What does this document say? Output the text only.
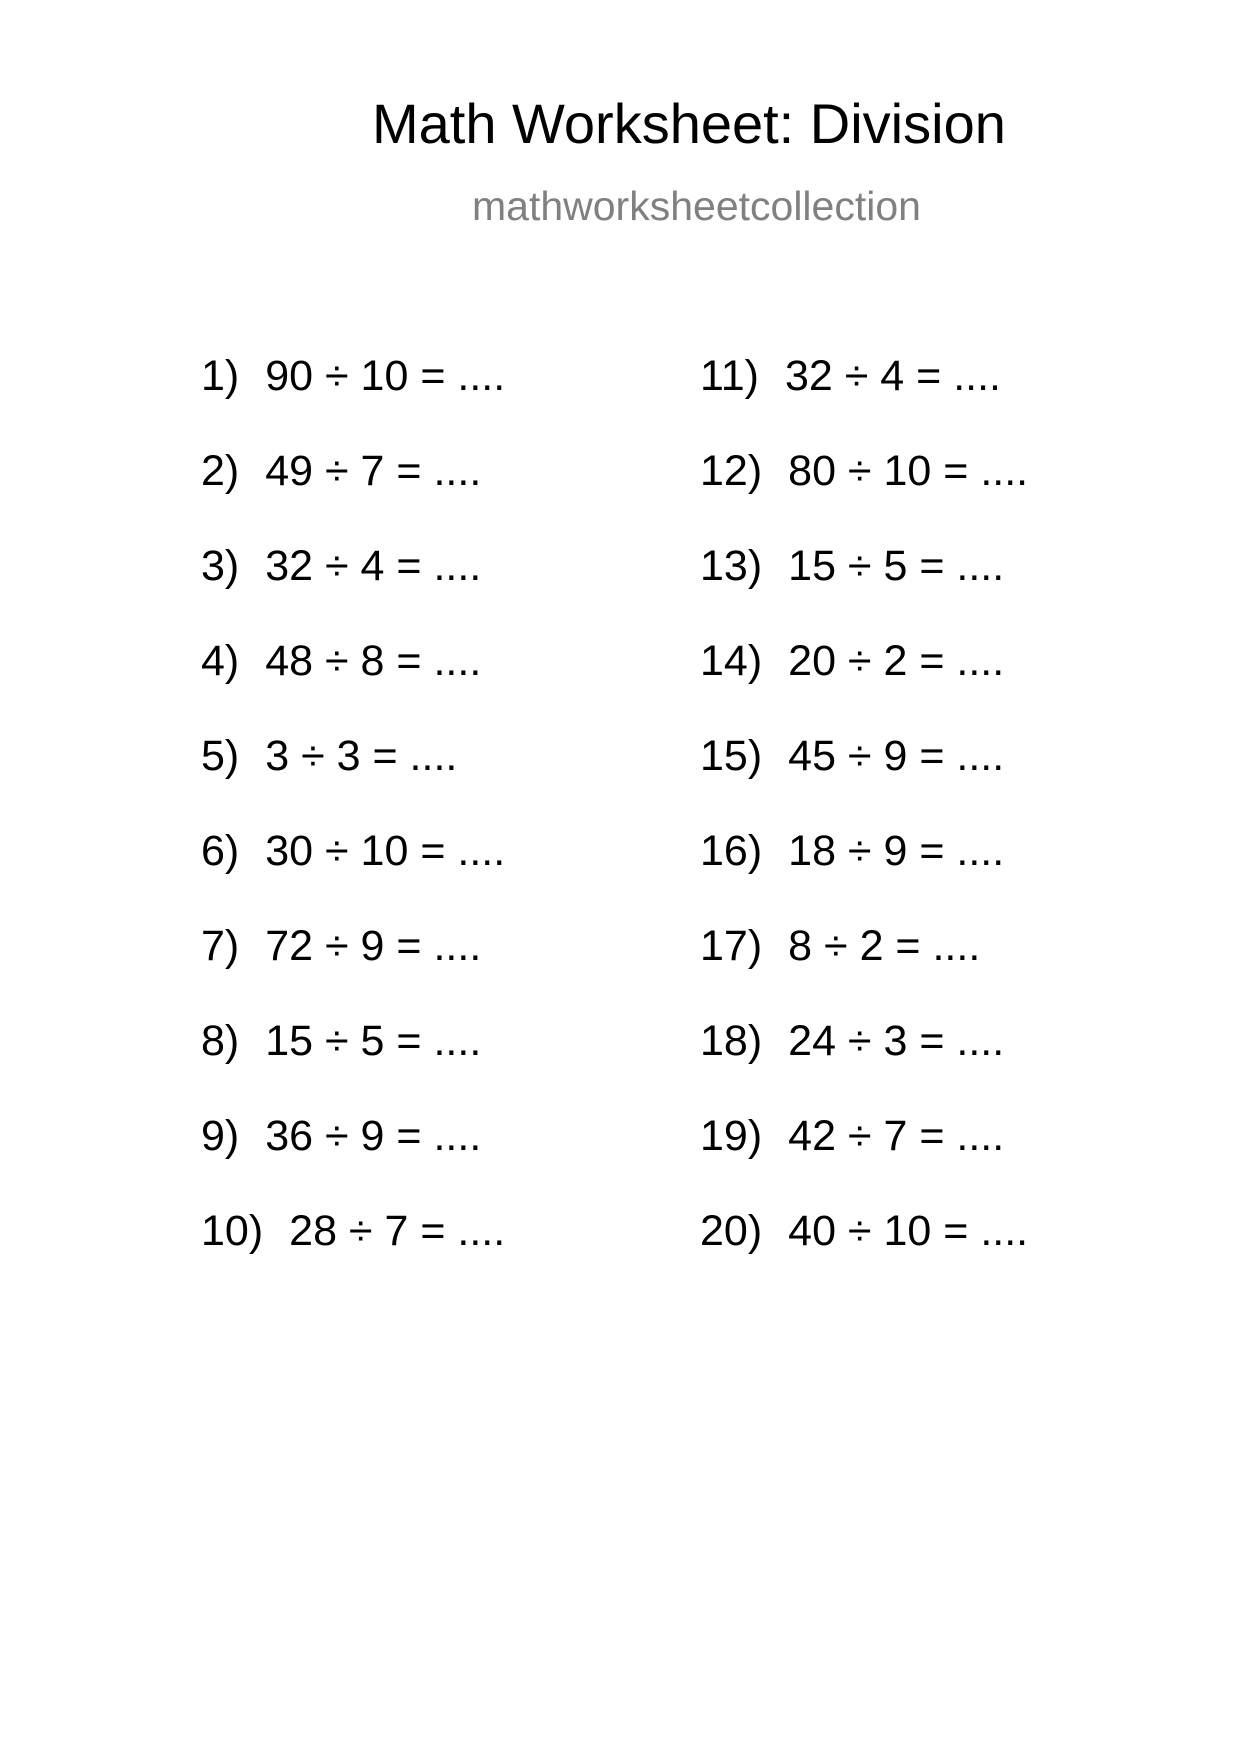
Math Worksheet: Division
mathworksheetcollection
1) 90 ÷ 10 = ....
2) 49 ÷ 7 = ....
3) 32 ÷ 4 = ....
4) 48 ÷ 8 = ....
5) 3 ÷ 3 = ....
6) 30 ÷ 10 = ....
7) 72 ÷ 9 = ....
8) 15 ÷ 5 = ....
9) 36 ÷ 9 = ....
10) 28 ÷ 7 = ....
11) 32 ÷ 4 = ....
12) 80 ÷ 10 = ....
13) 15 ÷ 5 = ....
14) 20 ÷ 2 = ....
15) 45 ÷ 9 = ....
16) 18 ÷ 9 = ....
17) 8 ÷ 2 = ....
18) 24 ÷ 3 = ....
19) 42 ÷ 7 = ....
20) 40 ÷ 10 = ....
